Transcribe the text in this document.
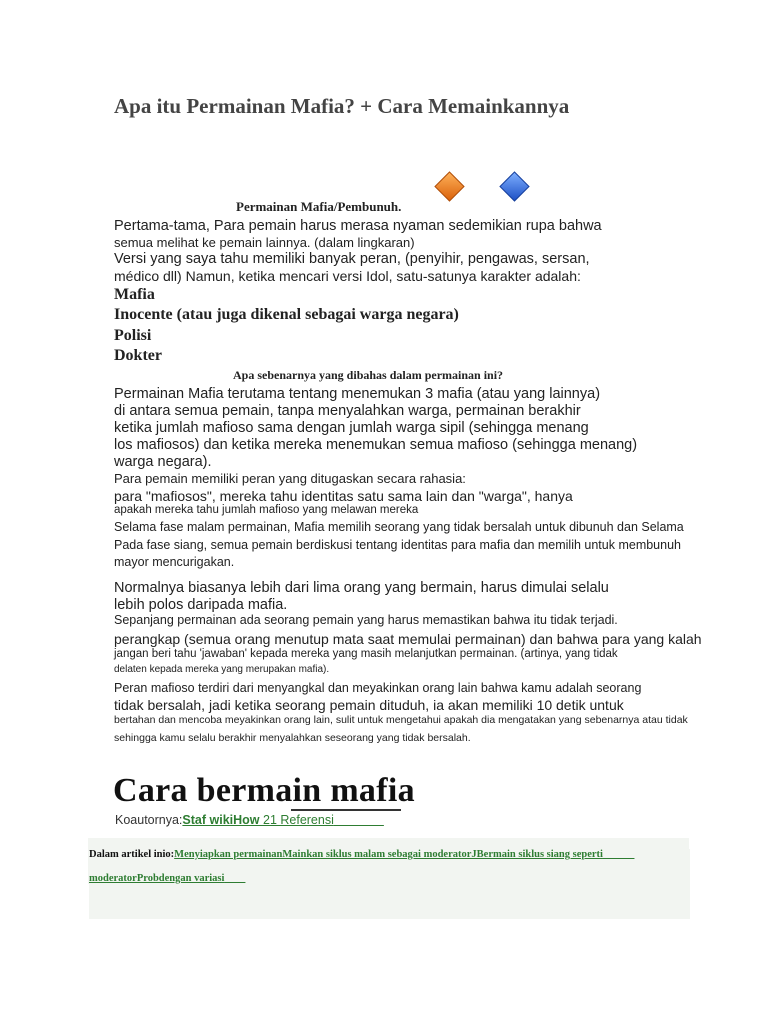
Apa itu Permainan Mafia? + Cara Memainkannya
Permainan Mafia/Pembunuh.
Pertama-tama, Para pemain harus merasa nyaman sedemikian rupa bahwa
semua melihat ke pemain lainnya. (dalam lingkaran)
Versi yang saya tahu memiliki banyak peran, (penyihir, pengawas, sersan,
médico dll) Namun, ketika mencari versi Idol, satu-satunya karakter adalah:
Mafia
Inocente (atau juga dikenal sebagai warga negara)
Polisi
Dokter
Apa sebenarnya yang dibahas dalam permainan ini?
Permainan Mafia terutama tentang menemukan 3 mafia (atau yang lainnya)
di antara semua pemain, tanpa menyalahkan warga, permainan berakhir
ketika jumlah mafioso sama dengan jumlah warga sipil (sehingga menang
los mafiosos) dan ketika mereka menemukan semua mafioso (sehingga menang)
warga negara).
Para pemain memiliki peran yang ditugaskan secara rahasia:
para "mafiosos", mereka tahu identitas satu sama lain dan "warga", hanya
apakah mereka tahu jumlah mafioso yang melawan mereka
Selama fase malam permainan, Mafia memilih seorang yang tidak bersalah untuk dibunuh dan Selama
Pada fase siang, semua pemain berdiskusi tentang identitas para mafia dan memilih untuk membunuh
mayor mencurigakan.
Normalnya biasanya lebih dari lima orang yang bermain, harus dimulai selalu
lebih polos daripada mafia.
Sepanjang permainan ada seorang pemain yang harus memastikan bahwa itu tidak terjadi.
perangkap (semua orang menutup mata saat memulai permainan) dan bahwa para yang kalah
jangan beri tahu 'jawaban' kepada mereka yang masih melanjutkan permainan. (artinya, yang tidak
delaten kepada mereka yang merupakan mafia).
Peran mafioso terdiri dari menyangkal dan meyakinkan orang lain bahwa kamu adalah seorang
tidak bersalah, jadi ketika seorang pemain dituduh, ia akan memiliki 10 detik untuk
bertahan dan mencoba meyakinkan orang lain, sulit untuk mengetahui apakah dia mengatakan yang sebenarnya atau tidak
sehingga kamu selalu berakhir menyalahkan seseorang yang tidak bersalah.
Cara bermain mafia
Koautornya:Staf wikiHow 21 Referensi    
Dalam artikel inio:Menyiapkan permainanMainkan siklus malam sebagai moderatorJBermain siklus siang seperti   
moderatorProbdengan variasi  
